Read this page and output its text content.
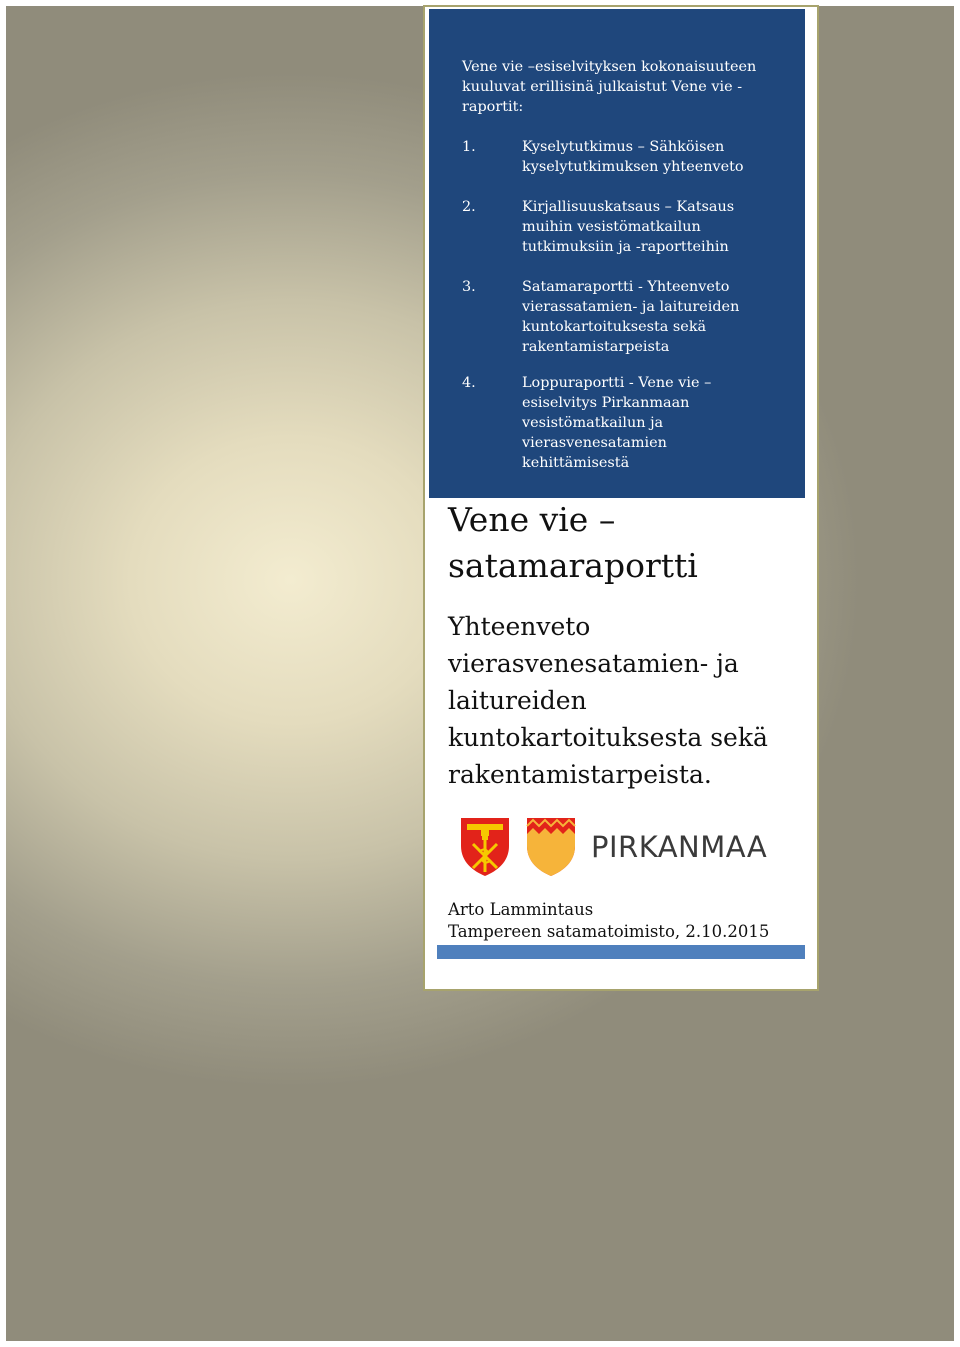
Vene vie –esiselvityksen kokonaisuuteen kuuluvat erillisinä julkaistut Vene vie -raportit:

1.	Kyselytutkimus – Sähköisen kyselytutkimuksen yhteenveto
2.	Kirjallisuuskatsaus – Katsaus muihin vesistömatkailun tutkimuksiin ja -raportteihin
3.	Satamaraportti - Yhteenveto vierassatamien- ja laitureiden kuntokartoituksesta sekä rakentamistarpeista
4.	Loppuraportti - Vene vie – esiselvitys Pirkanmaan vesistömatkailun ja vierasvenesatamien kehittämisestä
Vene vie – satamaraportti
Yhteenveto vierasvenesatamien- ja laitureiden kuntokartoituksesta sekä rakentamistarpeista.
PIRKANMAA
Arto Lammintaus
Tampereen satamatoimisto, 2.10.2015
